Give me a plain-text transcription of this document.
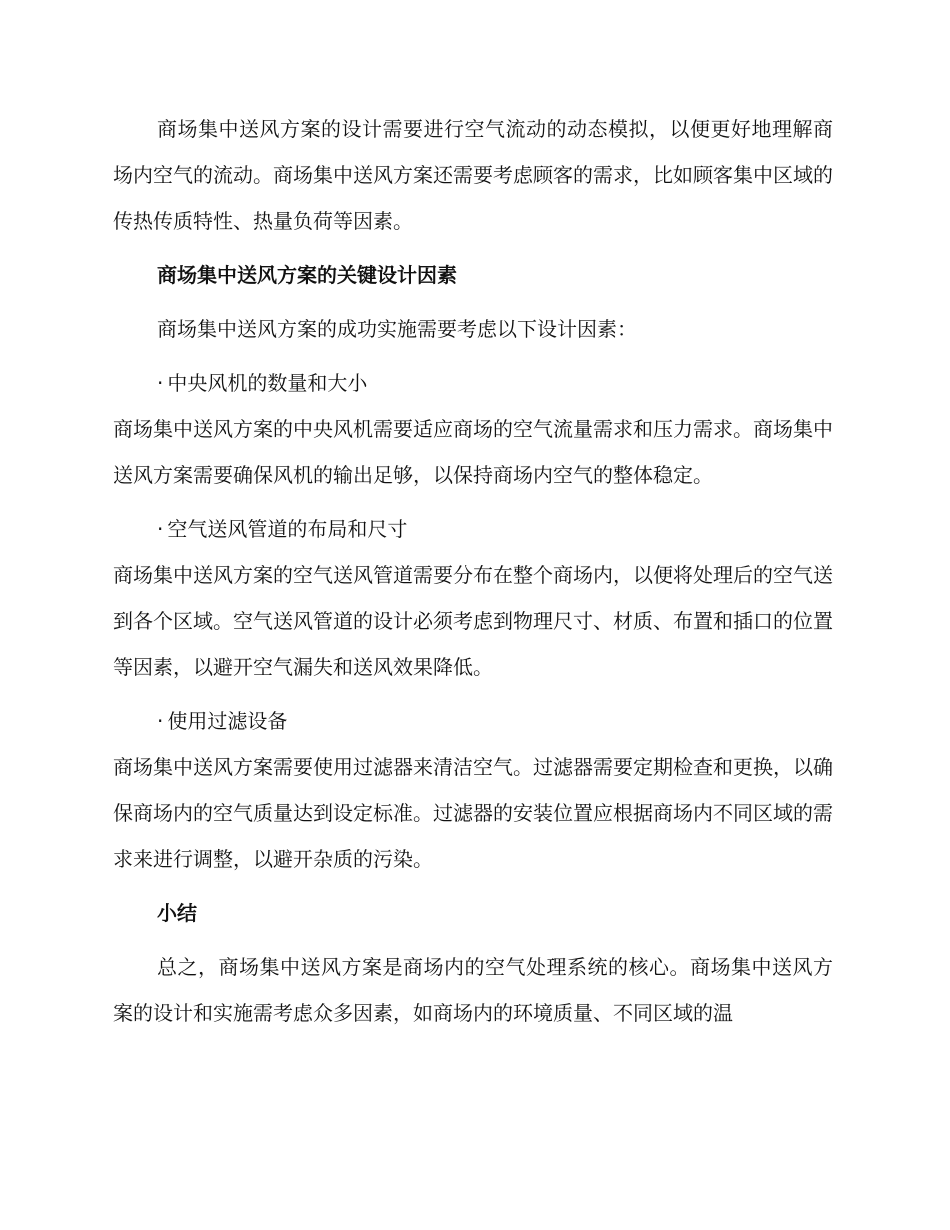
商场集中送风方案的设计需要进行空气流动的动态模拟，以便更好地理解商场内空气的流动。商场集中送风方案还需要考虑顾客的需求，比如顾客集中区域的传热传质特性、热量负荷等因素。

商场集中送风方案的关键设计因素

商场集中送风方案的成功实施需要考虑以下设计因素：

· 中央风机的数量和大小

商场集中送风方案的中央风机需要适应商场的空气流量需求和压力需求。商场集中送风方案需要确保风机的输出足够，以保持商场内空气的整体稳定。

· 空气送风管道的布局和尺寸

商场集中送风方案的空气送风管道需要分布在整个商场内，以便将处理后的空气送到各个区域。空气送风管道的设计必须考虑到物理尺寸、材质、布置和插口的位置等因素，以避开空气漏失和送风效果降低。

· 使用过滤设备

商场集中送风方案需要使用过滤器来清洁空气。过滤器需要定期检查和更换，以确保商场内的空气质量达到设定标准。过滤器的安装位置应根据商场内不同区域的需求来进行调整，以避开杂质的污染。

小结

总之，商场集中送风方案是商场内的空气处理系统的核心。商场集中送风方案的设计和实施需考虑众多因素，如商场内的环境质量、不同区域的温
